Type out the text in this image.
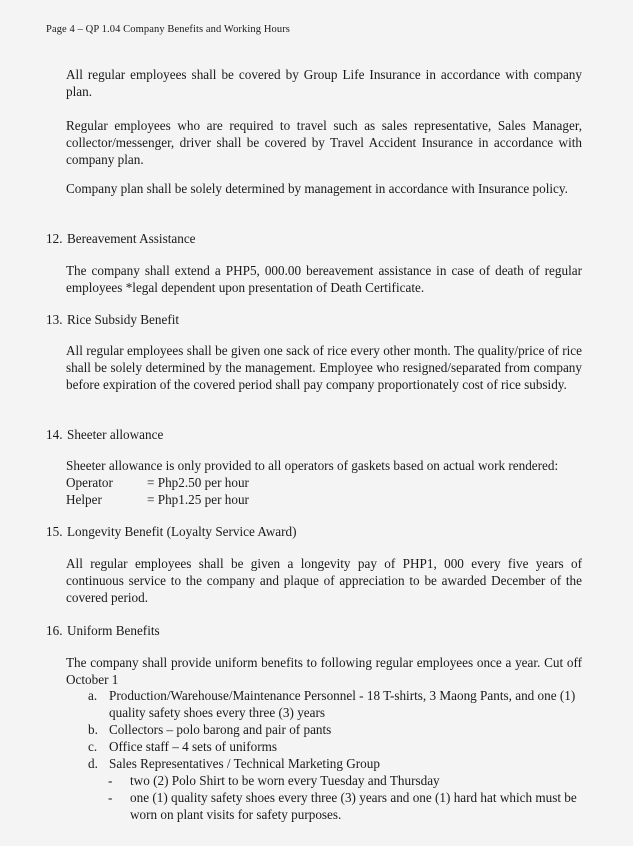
Page 4 – QP 1.04 Company Benefits and Working Hours
All regular employees shall be covered by Group Life Insurance in accordance with company plan.
Regular employees who are required to travel such as sales representative, Sales Manager, collector/messenger, driver shall be covered by Travel Accident Insurance in accordance with company plan.
Company plan shall be solely determined by management in accordance with Insurance policy.
12. Bereavement Assistance
The company shall extend a PHP5, 000.00 bereavement assistance in case of death of regular employees *legal dependent upon presentation of Death Certificate.
13. Rice Subsidy Benefit
All regular employees shall be given one sack of rice every other month. The quality/price of rice shall be solely determined by the management. Employee who resigned/separated from company before expiration of the covered period shall pay company proportionately cost of rice subsidy.
14. Sheeter allowance
Sheeter allowance is only provided to all operators of gaskets based on actual work rendered:
Operator	= Php2.50 per hour
Helper	= Php1.25 per hour
15. Longevity Benefit (Loyalty Service Award)
All regular employees shall be given a longevity pay of PHP1, 000 every five years of continuous service to the company and plaque of appreciation to be awarded December of the covered period.
16. Uniform Benefits
The company shall provide uniform benefits to following regular employees once a year. Cut off October 1
a. Production/Warehouse/Maintenance Personnel - 18 T-shirts, 3 Maong Pants, and one (1) quality safety shoes every three (3) years
b. Collectors – polo barong and pair of pants
c. Office staff – 4 sets of uniforms
d. Sales Representatives / Technical Marketing Group
- two (2) Polo Shirt to be worn every Tuesday and Thursday
- one (1) quality safety shoes every three (3) years and one (1) hard hat which must be worn on plant visits for safety purposes.
